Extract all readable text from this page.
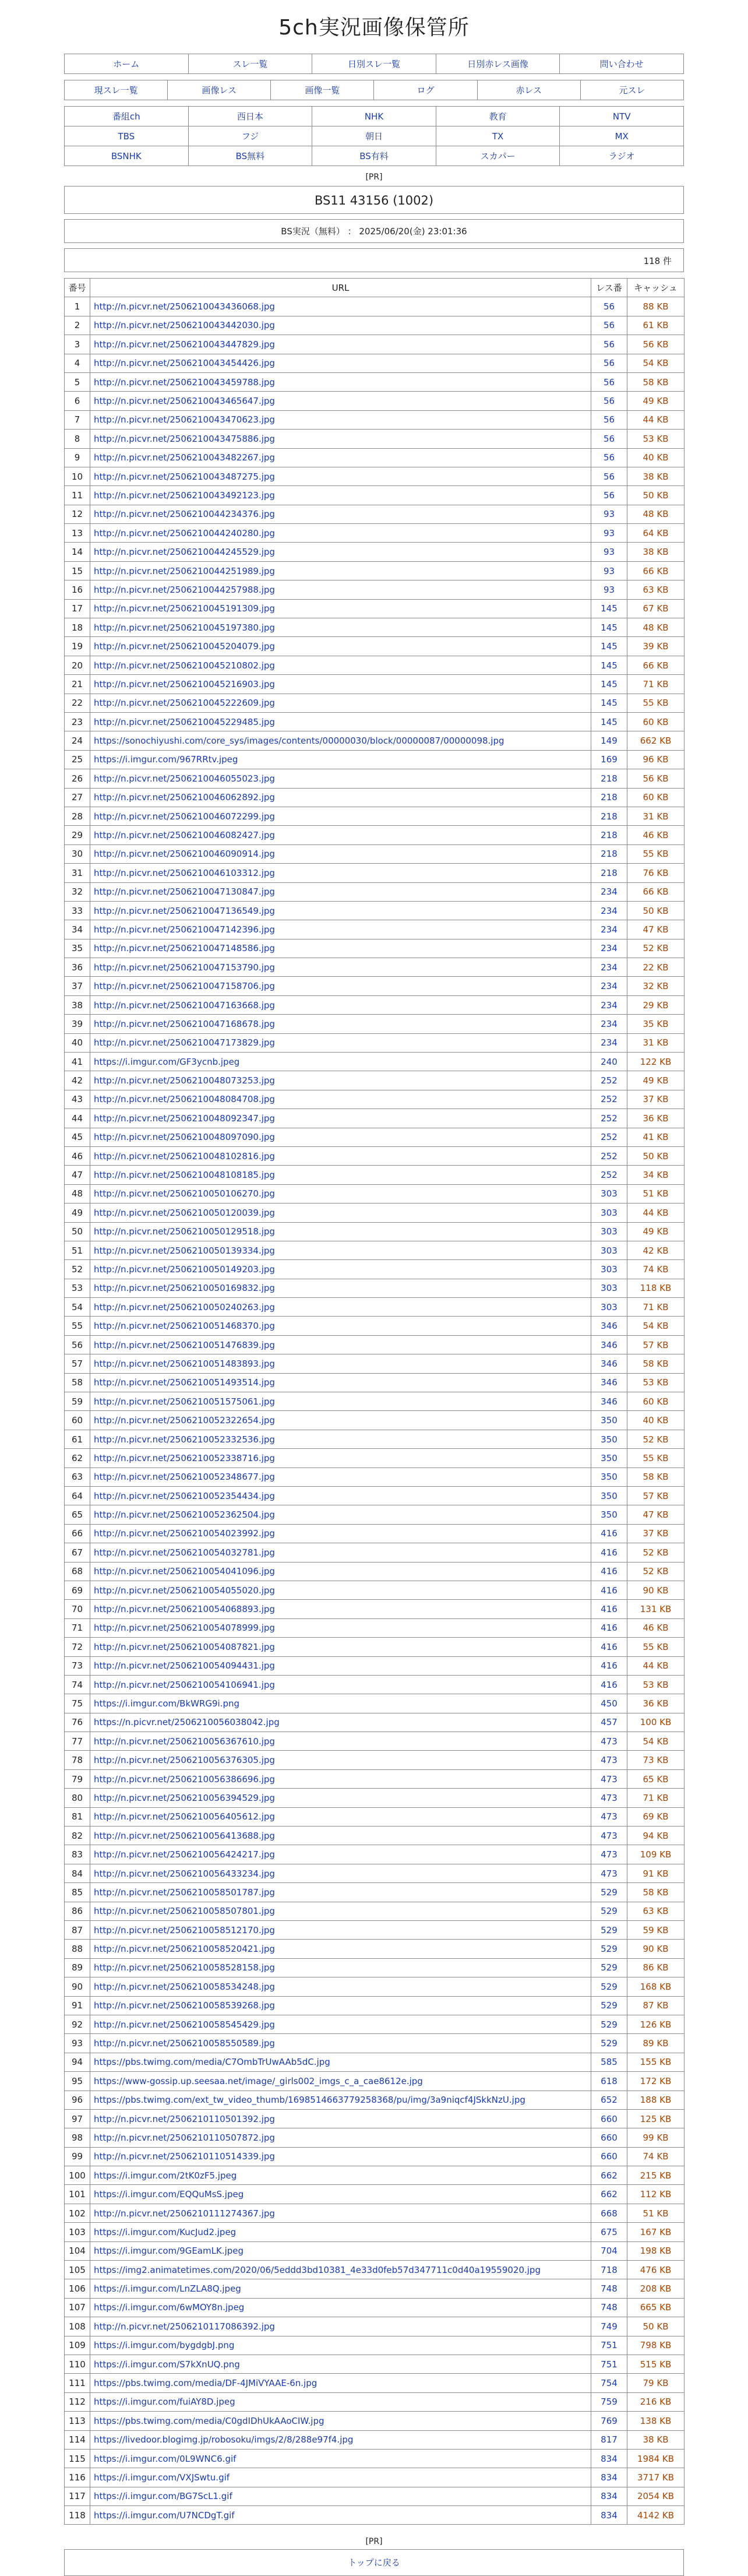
5ch実況画像保管所
ホーム	スレ一覧	日別スレ一覧	日別赤レス画像	問い合わせ
現スレ一覧	画像レス	画像一覧	ログ	赤レス	元スレ
番組ch	西日本	NHK	教育	NTV
TBS	フジ	朝日	TX	MX
BSNHK	BS無料	BS有料	スカパー	ラジオ
[PR]
BS11 43156 (1002)
BS実況（無料） ： 2025/06/20(金) 23:01:36
118 件
番号	URL	レス番	キャッシュ
1	http://n.picvr.net/2506210043436068.jpg	56	88 KB
2	http://n.picvr.net/2506210043442030.jpg	56	61 KB
3	http://n.picvr.net/2506210043447829.jpg	56	56 KB
4	http://n.picvr.net/2506210043454426.jpg	56	54 KB
5	http://n.picvr.net/2506210043459788.jpg	56	58 KB
6	http://n.picvr.net/2506210043465647.jpg	56	49 KB
7	http://n.picvr.net/2506210043470623.jpg	56	44 KB
8	http://n.picvr.net/2506210043475886.jpg	56	53 KB
9	http://n.picvr.net/2506210043482267.jpg	56	40 KB
10	http://n.picvr.net/2506210043487275.jpg	56	38 KB
11	http://n.picvr.net/2506210043492123.jpg	56	50 KB
12	http://n.picvr.net/2506210044234376.jpg	93	48 KB
13	http://n.picvr.net/2506210044240280.jpg	93	64 KB
14	http://n.picvr.net/2506210044245529.jpg	93	38 KB
15	http://n.picvr.net/2506210044251989.jpg	93	66 KB
16	http://n.picvr.net/2506210044257988.jpg	93	63 KB
17	http://n.picvr.net/2506210045191309.jpg	145	67 KB
18	http://n.picvr.net/2506210045197380.jpg	145	48 KB
19	http://n.picvr.net/2506210045204079.jpg	145	39 KB
20	http://n.picvr.net/2506210045210802.jpg	145	66 KB
21	http://n.picvr.net/2506210045216903.jpg	145	71 KB
22	http://n.picvr.net/2506210045222609.jpg	145	55 KB
23	http://n.picvr.net/2506210045229485.jpg	145	60 KB
24	https://sonochiyushi.com/core_sys/images/contents/00000030/block/00000087/00000098.jpg	149	662 KB
25	https://i.imgur.com/967RRtv.jpeg	169	96 KB
26	http://n.picvr.net/2506210046055023.jpg	218	56 KB
27	http://n.picvr.net/2506210046062892.jpg	218	60 KB
28	http://n.picvr.net/2506210046072299.jpg	218	31 KB
29	http://n.picvr.net/2506210046082427.jpg	218	46 KB
30	http://n.picvr.net/2506210046090914.jpg	218	55 KB
31	http://n.picvr.net/2506210046103312.jpg	218	76 KB
32	http://n.picvr.net/2506210047130847.jpg	234	66 KB
33	http://n.picvr.net/2506210047136549.jpg	234	50 KB
34	http://n.picvr.net/2506210047142396.jpg	234	47 KB
35	http://n.picvr.net/2506210047148586.jpg	234	52 KB
36	http://n.picvr.net/2506210047153790.jpg	234	22 KB
37	http://n.picvr.net/2506210047158706.jpg	234	32 KB
38	http://n.picvr.net/2506210047163668.jpg	234	29 KB
39	http://n.picvr.net/2506210047168678.jpg	234	35 KB
40	http://n.picvr.net/2506210047173829.jpg	234	31 KB
41	https://i.imgur.com/GF3ycnb.jpeg	240	122 KB
42	http://n.picvr.net/2506210048073253.jpg	252	49 KB
43	http://n.picvr.net/2506210048084708.jpg	252	37 KB
44	http://n.picvr.net/2506210048092347.jpg	252	36 KB
45	http://n.picvr.net/2506210048097090.jpg	252	41 KB
46	http://n.picvr.net/2506210048102816.jpg	252	50 KB
47	http://n.picvr.net/2506210048108185.jpg	252	34 KB
48	http://n.picvr.net/2506210050106270.jpg	303	51 KB
49	http://n.picvr.net/2506210050120039.jpg	303	44 KB
50	http://n.picvr.net/2506210050129518.jpg	303	49 KB
51	http://n.picvr.net/2506210050139334.jpg	303	42 KB
52	http://n.picvr.net/2506210050149203.jpg	303	74 KB
53	http://n.picvr.net/2506210050169832.jpg	303	118 KB
54	http://n.picvr.net/2506210050240263.jpg	303	71 KB
55	http://n.picvr.net/2506210051468370.jpg	346	54 KB
56	http://n.picvr.net/2506210051476839.jpg	346	57 KB
57	http://n.picvr.net/2506210051483893.jpg	346	58 KB
58	http://n.picvr.net/2506210051493514.jpg	346	53 KB
59	http://n.picvr.net/2506210051575061.jpg	346	60 KB
60	http://n.picvr.net/2506210052322654.jpg	350	40 KB
61	http://n.picvr.net/2506210052332536.jpg	350	52 KB
62	http://n.picvr.net/2506210052338716.jpg	350	55 KB
63	http://n.picvr.net/2506210052348677.jpg	350	58 KB
64	http://n.picvr.net/2506210052354434.jpg	350	57 KB
65	http://n.picvr.net/2506210052362504.jpg	350	47 KB
66	http://n.picvr.net/2506210054023992.jpg	416	37 KB
67	http://n.picvr.net/2506210054032781.jpg	416	52 KB
68	http://n.picvr.net/2506210054041096.jpg	416	52 KB
69	http://n.picvr.net/2506210054055020.jpg	416	90 KB
70	http://n.picvr.net/2506210054068893.jpg	416	131 KB
71	http://n.picvr.net/2506210054078999.jpg	416	46 KB
72	http://n.picvr.net/2506210054087821.jpg	416	55 KB
73	http://n.picvr.net/2506210054094431.jpg	416	44 KB
74	http://n.picvr.net/2506210054106941.jpg	416	53 KB
75	https://i.imgur.com/BkWRG9i.png	450	36 KB
76	https://n.picvr.net/2506210056038042.jpg	457	100 KB
77	http://n.picvr.net/2506210056367610.jpg	473	54 KB
78	http://n.picvr.net/2506210056376305.jpg	473	73 KB
79	http://n.picvr.net/2506210056386696.jpg	473	65 KB
80	http://n.picvr.net/2506210056394529.jpg	473	71 KB
81	http://n.picvr.net/2506210056405612.jpg	473	69 KB
82	http://n.picvr.net/2506210056413688.jpg	473	94 KB
83	http://n.picvr.net/2506210056424217.jpg	473	109 KB
84	http://n.picvr.net/2506210056433234.jpg	473	91 KB
85	http://n.picvr.net/2506210058501787.jpg	529	58 KB
86	http://n.picvr.net/2506210058507801.jpg	529	63 KB
87	http://n.picvr.net/2506210058512170.jpg	529	59 KB
88	http://n.picvr.net/2506210058520421.jpg	529	90 KB
89	http://n.picvr.net/2506210058528158.jpg	529	86 KB
90	http://n.picvr.net/2506210058534248.jpg	529	168 KB
91	http://n.picvr.net/2506210058539268.jpg	529	87 KB
92	http://n.picvr.net/2506210058545429.jpg	529	126 KB
93	http://n.picvr.net/2506210058550589.jpg	529	89 KB
94	https://pbs.twimg.com/media/C7OmbTrUwAAb5dC.jpg	585	155 KB
95	https://www-gossip.up.seesaa.net/image/_girls002_imgs_c_a_cae8612e.jpg	618	172 KB
96	https://pbs.twimg.com/ext_tw_video_thumb/1698514663779258368/pu/img/3a9niqcf4JSkkNzU.jpg	652	188 KB
97	http://n.picvr.net/2506210110501392.jpg	660	125 KB
98	http://n.picvr.net/2506210110507872.jpg	660	99 KB
99	http://n.picvr.net/2506210110514339.jpg	660	74 KB
100	https://i.imgur.com/2tK0zF5.jpeg	662	215 KB
101	https://i.imgur.com/EQQuMsS.jpeg	662	112 KB
102	http://n.picvr.net/2506210111274367.jpg	668	51 KB
103	https://i.imgur.com/KucJud2.jpeg	675	167 KB
104	https://i.imgur.com/9GEamLK.jpeg	704	198 KB
105	https://img2.animatetimes.com/2020/06/5eddd3bd10381_4e33d0feb57d347711c0d40a19559020.jpg	718	476 KB
106	https://i.imgur.com/LnZLA8Q.jpeg	748	208 KB
107	https://i.imgur.com/6wMOY8n.jpeg	748	665 KB
108	http://n.picvr.net/2506210117086392.jpg	749	50 KB
109	https://i.imgur.com/bygdgbJ.png	751	798 KB
110	https://i.imgur.com/S7kXnUQ.png	751	515 KB
111	https://pbs.twimg.com/media/DF-4JMiVYAAE-6n.jpg	754	79 KB
112	https://i.imgur.com/fuiAY8D.jpeg	759	216 KB
113	https://pbs.twimg.com/media/C0gdIDhUkAAoCIW.jpg	769	138 KB
114	https://livedoor.blogimg.jp/robosoku/imgs/2/8/288e97f4.jpg	817	38 KB
115	https://i.imgur.com/0L9WNC6.gif	834	1984 KB
116	https://i.imgur.com/VXJSwtu.gif	834	3717 KB
117	https://i.imgur.com/BG7ScL1.gif	834	2054 KB
118	https://i.imgur.com/U7NCDgT.gif	834	4142 KB
[PR]
トップに戻る
